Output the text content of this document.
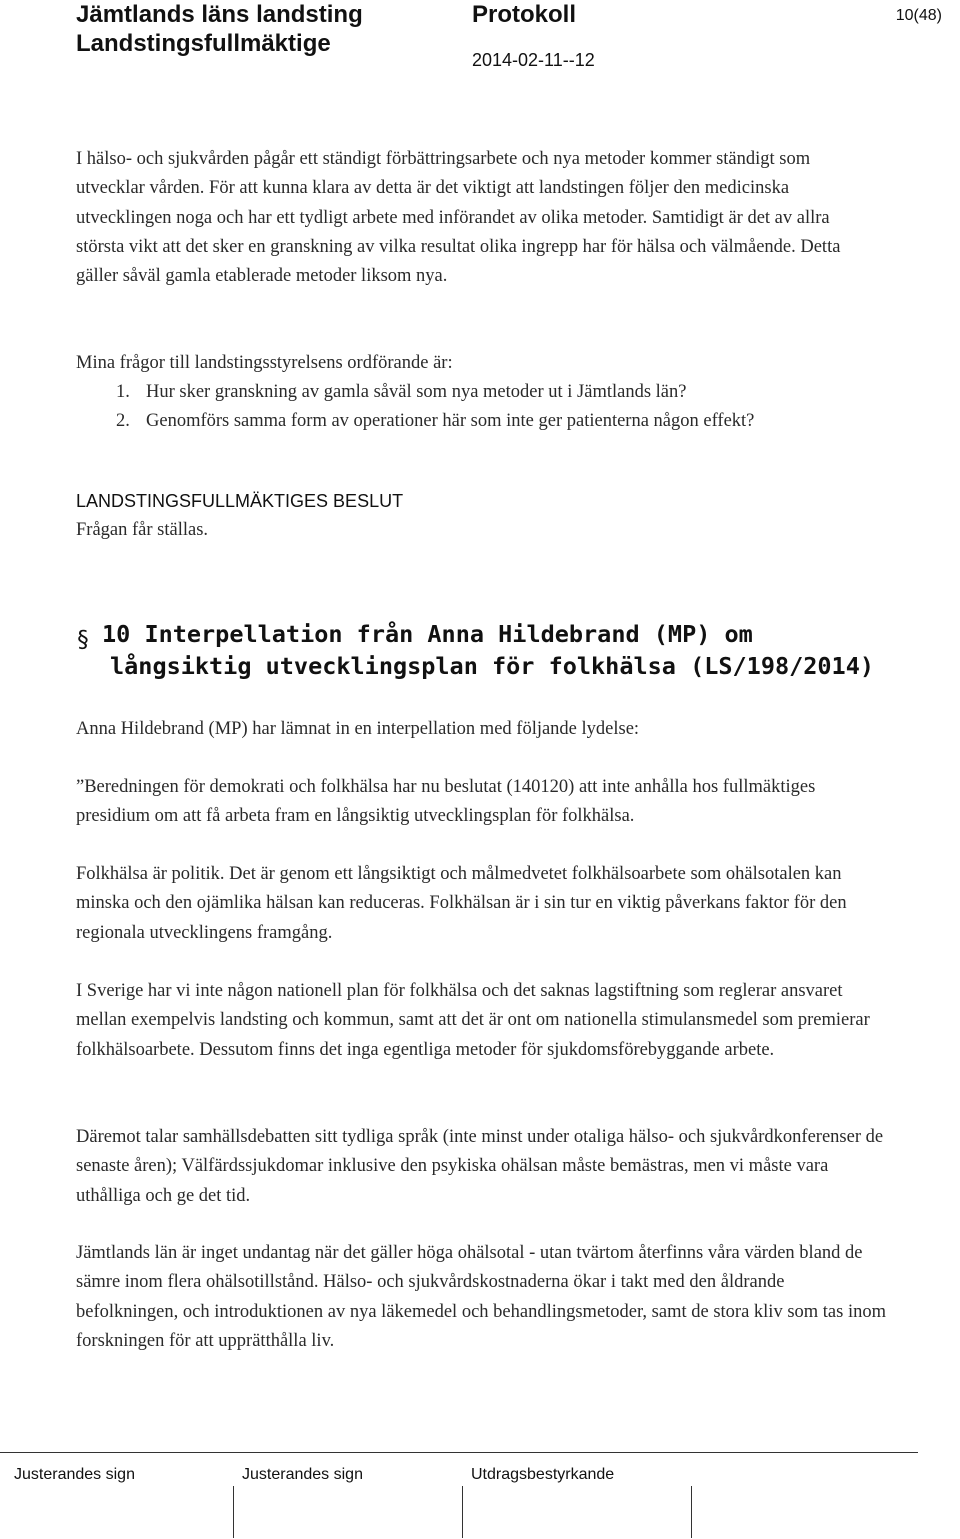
Jämtlands läns landsting
Landstingsfullmäktige
Protokoll
2014-02-11--12
10(48)
I hälso- och sjukvården pågår ett ständigt förbättringsarbete och nya metoder kommer ständigt som utvecklar vården. För att kunna klara av detta är det viktigt att landstingen följer den medicinska utvecklingen noga och har ett tydligt arbete med införandet av olika metoder. Samtidigt är det av allra största vikt att det sker en granskning av vilka resultat olika ingrepp har för hälsa och välmående. Detta gäller såväl gamla etablerade metoder liksom nya.
Mina frågor till landstingsstyrelsens ordförande är:
1. Hur sker granskning av gamla såväl som nya metoder ut i Jämtlands län?
2. Genomförs samma form av operationer här som inte ger patienterna någon effekt?
LANDSTINGSFULLMÄKTIGES BESLUT
Frågan får ställas.
§ 10 Interpellation från Anna Hildebrand (MP) om
långsiktig utvecklingsplan för folkhälsa (LS/198/2014)

Anna Hildebrand (MP) har lämnat in en interpellation med följande lydelse:

”Beredningen för demokrati och folkhälsa har nu beslutat (140120) att inte anhålla hos fullmäktiges presidium om att få arbeta fram en långsiktig utvecklingsplan för folkhälsa.

Folkhälsa är politik. Det är genom ett långsiktigt och målmedvetet folkhälsoarbete som ohälsotalen kan minska och den ojämlika hälsan kan reduceras. Folkhälsan är i sin tur en viktig påverkans faktor för den regionala utvecklingens framgång.

I Sverige har vi inte någon nationell plan för folkhälsa och det saknas lagstiftning som reglerar ansvaret mellan exempelvis landsting och kommun, samt att det är ont om nationella stimulansmedel som premierar folkhälsoarbete. Dessutom finns det inga egentliga metoder för sjukdomsförebyggande arbete.

Däremot talar samhällsdebatten sitt tydliga språk (inte minst under otaliga hälso- och sjukvårdkonferenser de senaste åren); Välfärdssjukdomar inklusive den psykiska ohälsan måste bemästras, men vi måste vara uthålliga och ge det tid.

Jämtlands län är inget undantag när det gäller höga ohälsotal - utan tvärtom återfinns våra värden bland de sämre inom flera ohälsotillstånd. Hälso- och sjukvårdskostnaderna ökar i takt med den åldrande befolkningen, och introduktionen av nya läkemedel och behandlingsmetoder, samt de stora kliv som tas inom forskningen för att upprätthålla liv.

Justerandes sign	Justerandes sign	Utdragsbestyrkande
